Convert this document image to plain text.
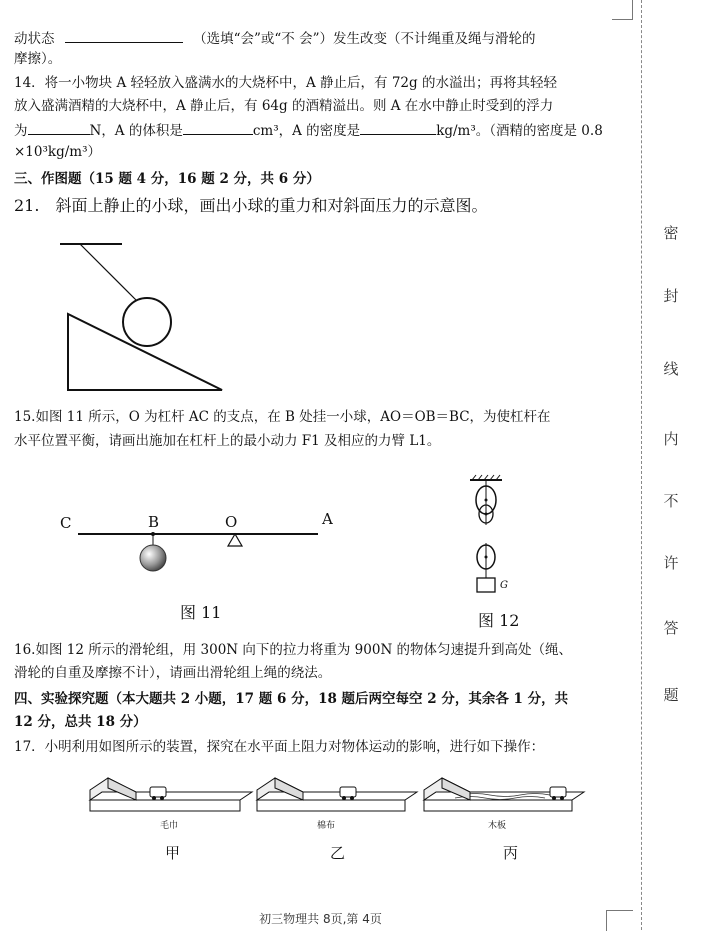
动状态	（选填“会”或“不 会”）发生改变（不计绳重及绳与滑轮的
摩擦）。
14．将一小物块 A 轻轻放入盛满水的大烧杯中，A 静止后，有 72g 的水溢出；再将其轻轻
放入盛满酒精的大烧杯中，A 静止后，有 64g 的酒精溢出。则 A 在水中静止时受到的浮力
为	N，A 的体积是	cm³，A 的密度是	kg/m³。（酒精的密度是 0.8
×10³kg/m³）
三、作图题（15 题 4 分，16 题 2 分，共 6 分）
21.　斜面上静止的小球，画出小球的重力和对斜面压力的示意图。
15.如图 11 所示，O 为杠杆 AC 的支点，在 B 处挂一小球，AO＝OB＝BC，为使杠杆在
水平位置平衡，请画出施加在杠杆上的最小动力 F1 及相应的力臂 L1。
C	B	O	A
图 11
G
图 12
16.如图 12 所示的滑轮组，用 300N 向下的拉力将重为 900N 的物体匀速提升到高处（绳、
滑轮的自重及摩擦不计），请画出滑轮组上绳的绕法。
四、实验探究题（本大题共 2 小题，17 题 6 分，18 题后两空每空 2 分，其余各 1 分，共
12 分，总共 18 分）
17．小明利用如图所示的装置，探究在水平面上阻力对物体运动的影响，进行如下操作：
毛巾	棉布	木板
甲	乙	丙
密
封
线
内
不
许
答
题
初三物理共 8页,第 4页
